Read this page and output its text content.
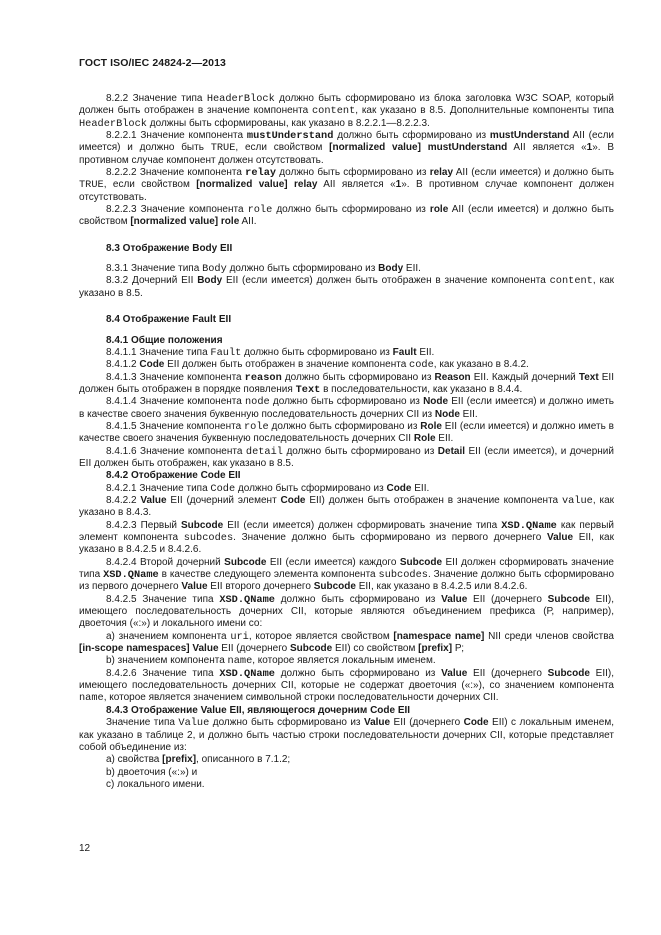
ГОСТ ISO/IEC 24824-2—2013

8.2.2 Значение типа HeaderBlock должно быть сформировано из блока заголовка W3C SOAP, который должен быть отображен в значение компонента content, как указано в 8.5. Дополнительные компоненты типа HeaderBlock должны быть сформированы, как указано в 8.2.2.1—8.2.2.3.

8.2.2.1 Значение компонента mustUnderstand должно быть сформировано из mustUnderstand AII (если имеется) и должно быть TRUE, если свойством [normalized value] mustUnderstand AII является «1». В противном случае компонент должен отсутствовать.

8.2.2.2 Значение компонента relay должно быть сформировано из relay AII (если имеется) и должно быть TRUE, если свойством [normalized value] relay AII является «1». В противном случае компонент должен отсутствовать.

8.2.2.3 Значение компонента role должно быть сформировано из role AII (если имеется) и должно быть свойством [normalized value] role AII.

8.3 Отображение Body EII

8.3.1 Значение типа Body должно быть сформировано из Body EII.

8.3.2 Дочерний EII Body EII (если имеется) должен быть отображен в значение компонента content, как указано в 8.5.

8.4 Отображение Fault EII

8.4.1 Общие положения

8.4.1.1 Значение типа Fault должно быть сформировано из Fault EII.

8.4.1.2 Code EII должен быть отображен в значение компонента code, как указано в 8.4.2.

8.4.1.3 Значение компонента reason должно быть сформировано из Reason EII. Каждый дочерний Text EII должен быть отображен в порядке появления Text в последовательности, как указано в 8.4.4.

8.4.1.4 Значение компонента node должно быть сформировано из Node EII (если имеется) и должно иметь в качестве своего значения буквенную последовательность дочерних CII из Node EII.

8.4.1.5 Значение компонента role должно быть сформировано из Role EII (если имеется) и должно иметь в качестве своего значения буквенную последовательность дочерних CII Role EII.

8.4.1.6 Значение компонента detail должно быть сформировано из Detail EII (если имеется), и дочерний EII должен быть отображен, как указано в 8.5.

8.4.2 Отображение Code EII

8.4.2.1 Значение типа Code должно быть сформировано из Code EII.

8.4.2.2 Value EII (дочерний элемент Code EII) должен быть отображен в значение компонента value, как указано в 8.4.3.

8.4.2.3 Первый Subcode EII (если имеется) должен сформировать значение типа XSD.QName как первый элемент компонента subcodes. Значение должно быть сформировано из первого дочернего Value EII, как указано в 8.4.2.5 и 8.4.2.6.

8.4.2.4 Второй дочерний Subcode EII (если имеется) каждого Subcode EII должен сформировать значение типа XSD.QName в качестве следующего элемента компонента subcodes. Значение должно быть сформировано из первого дочернего Value EII второго дочернего Subcode EII, как указано в 8.4.2.5 или 8.4.2.6.

8.4.2.5 Значение типа XSD.QName должно быть сформировано из Value EII (дочернего Subcode EII), имеющего последовательность дочерних CII, которые являются объединением префикса (Р, например), двоеточия («:») и локального имени со:

a) значением компонента uri, которое является свойством [namespace name] NII среди членов свойства [in-scope namespaces] Value EII (дочернего Subcode EII) со свойством [prefix] Р;

b) значением компонента name, которое является локальным именем.

8.4.2.6 Значение типа XSD.QName должно быть сформировано из Value EII (дочернего Subcode EII), имеющего последовательность дочерних CII, которые не содержат двоеточия («:»), со значением компонента name, которое является значением символьной строки последовательности дочерних CII.

8.4.3 Отображение Value EII, являющегося дочерним Code EII

Значение типа Value должно быть сформировано из Value EII (дочернего Code EII) с локальным именем, как указано в таблице 2, и должно быть частью строки последовательности дочерних CII, которые представляет собой объединение из:

a) свойства [prefix], описанного в 7.1.2;

b) двоеточия («:») и

c) локального имени.

12
